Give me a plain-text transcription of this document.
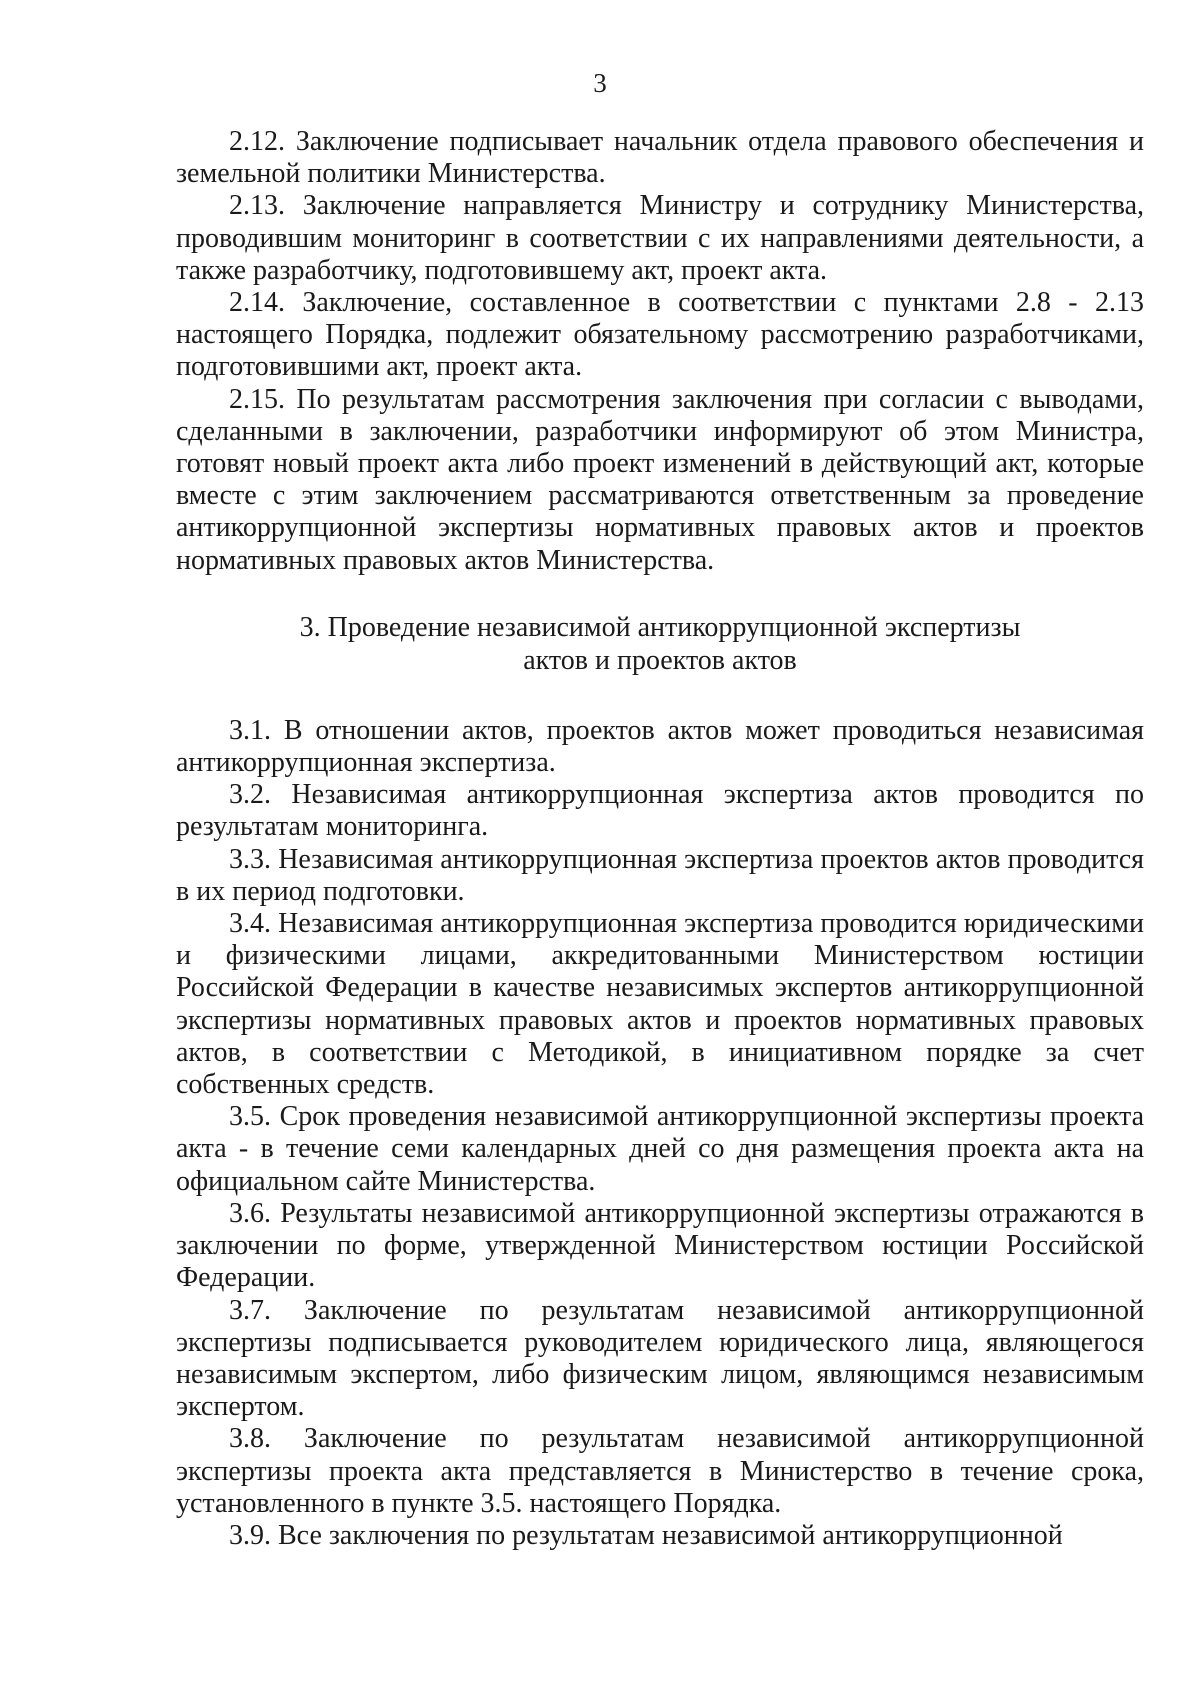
3

2.12. Заключение подписывает начальник отдела правового обеспечения и земельной политики Министерства.

2.13. Заключение направляется Министру и сотруднику Министерства, проводившим мониторинг в соответствии с их направлениями деятельности, а также разработчику, подготовившему акт, проект акта.

2.14. Заключение, составленное в соответствии с пунктами 2.8 - 2.13 настоящего Порядка, подлежит обязательному рассмотрению разработчиками, подготовившими акт, проект акта.

2.15. По результатам рассмотрения заключения при согласии с выводами, сделанными в заключении, разработчики информируют об этом Министра, готовят новый проект акта либо проект изменений в действующий акт, которые вместе с этим заключением рассматриваются ответственным за проведение антикоррупционной экспертизы нормативных правовых актов и проектов нормативных правовых актов Министерства.

3. Проведение независимой антикоррупционной экспертизы
актов и проектов актов

3.1. В отношении актов, проектов актов может проводиться независимая антикоррупционная экспертиза.

3.2. Независимая антикоррупционная экспертиза актов проводится по результатам мониторинга.

3.3. Независимая антикоррупционная экспертиза проектов актов проводится в их период подготовки.

3.4. Независимая антикоррупционная экспертиза проводится юридическими и физическими лицами, аккредитованными Министерством юстиции Российской Федерации в качестве независимых экспертов антикоррупционной экспертизы нормативных правовых актов и проектов нормативных правовых актов, в соответствии с Методикой, в инициативном порядке за счет собственных средств.

3.5. Срок проведения независимой антикоррупционной экспертизы проекта акта - в течение семи календарных дней со дня размещения проекта акта на официальном сайте Министерства.

3.6. Результаты независимой антикоррупционной экспертизы отражаются в заключении по форме, утвержденной Министерством юстиции Российской Федерации.

3.7. Заключение по результатам независимой антикоррупционной экспертизы подписывается руководителем юридического лица, являющегося независимым экспертом, либо физическим лицом, являющимся независимым экспертом.

3.8. Заключение по результатам независимой антикоррупционной экспертизы проекта акта представляется в Министерство в течение срока, установленного в пункте 3.5. настоящего Порядка.

3.9. Все заключения по результатам независимой антикоррупционной
